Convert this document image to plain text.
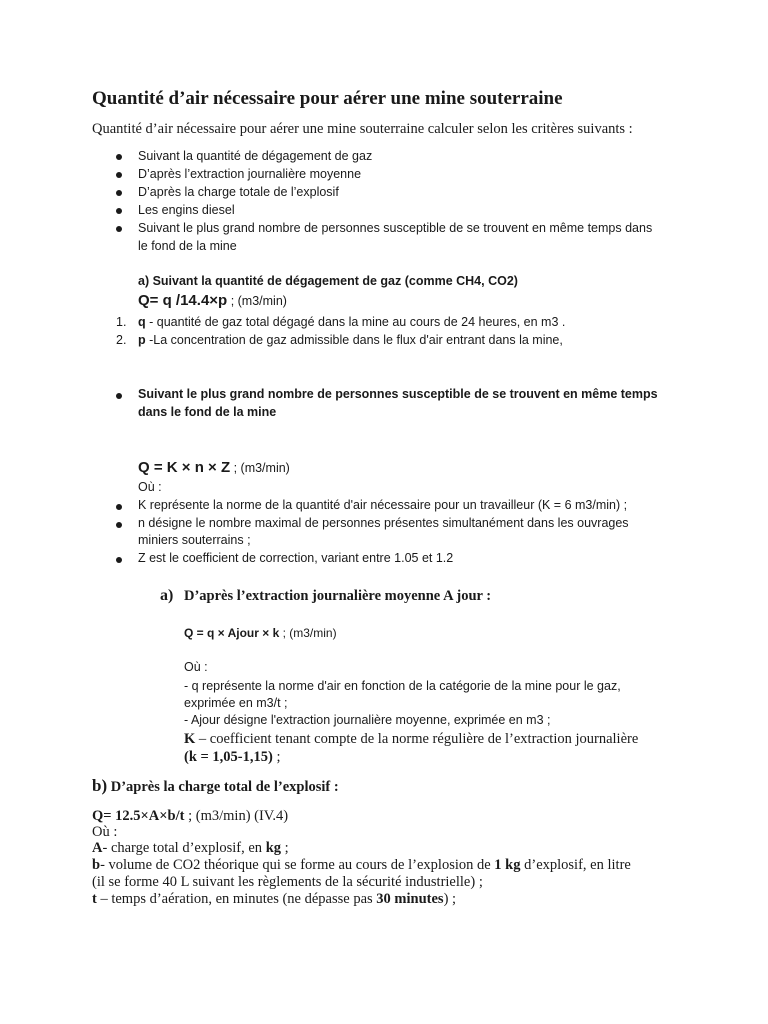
Quantité d’air nécessaire pour aérer une mine souterraine
Quantité d’air nécessaire pour aérer une mine souterraine calculer selon les critères suivants :
Suivant la quantité de dégagement de gaz
D’après l’extraction journalière moyenne
D’après la charge totale de l’explosif
Les engins diesel
Suivant le plus grand nombre de personnes susceptible de se trouvent en même temps dans
le fond de la mine
a) Suivant la quantité de dégagement de gaz (comme CH4, CO2)
Q= q /14.4×p ; (m3/min)
1. q - quantité de gaz total dégagé dans la mine au cours de 24 heures, en m3 .
2. p -La concentration de gaz admissible dans le flux d'air entrant dans la mine,
Suivant le plus grand nombre de personnes susceptible de se trouvent en même temps
dans le fond de la mine
Q = K × n × Z ; (m3/min)
Où :
K représente la norme de la quantité d'air nécessaire pour un travailleur (K = 6 m3/min) ;
n désigne le nombre maximal de personnes présentes simultanément dans les ouvrages
miniers souterrains ;
Z est le coefficient de correction, variant entre 1.05 et 1.2
a) D’après l’extraction journalière moyenne A jour :
Q = q × Ajour × k ; (m3/min)
Où :
- q représente la norme d'air en fonction de la catégorie de la mine pour le gaz,
exprimée en m3/t ;
- Ajour désigne l'extraction journalière moyenne, exprimée en m3 ;
K – coefficient tenant compte de la norme régulière de l’extraction journalière
(k = 1,05-1,15) ;
b) D’après la charge total de l’explosif :
Q= 12.5×A×b/t ; (m3/min) (IV.4)
Où :
A- charge total d’explosif, en kg ;
b- volume de CO2 théorique qui se forme au cours de l’explosion de 1 kg d’explosif, en litre
(il se forme 40 L suivant les règlements de la sécurité industrielle) ;
t – temps d’aération, en minutes (ne dépasse pas 30 minutes) ;
